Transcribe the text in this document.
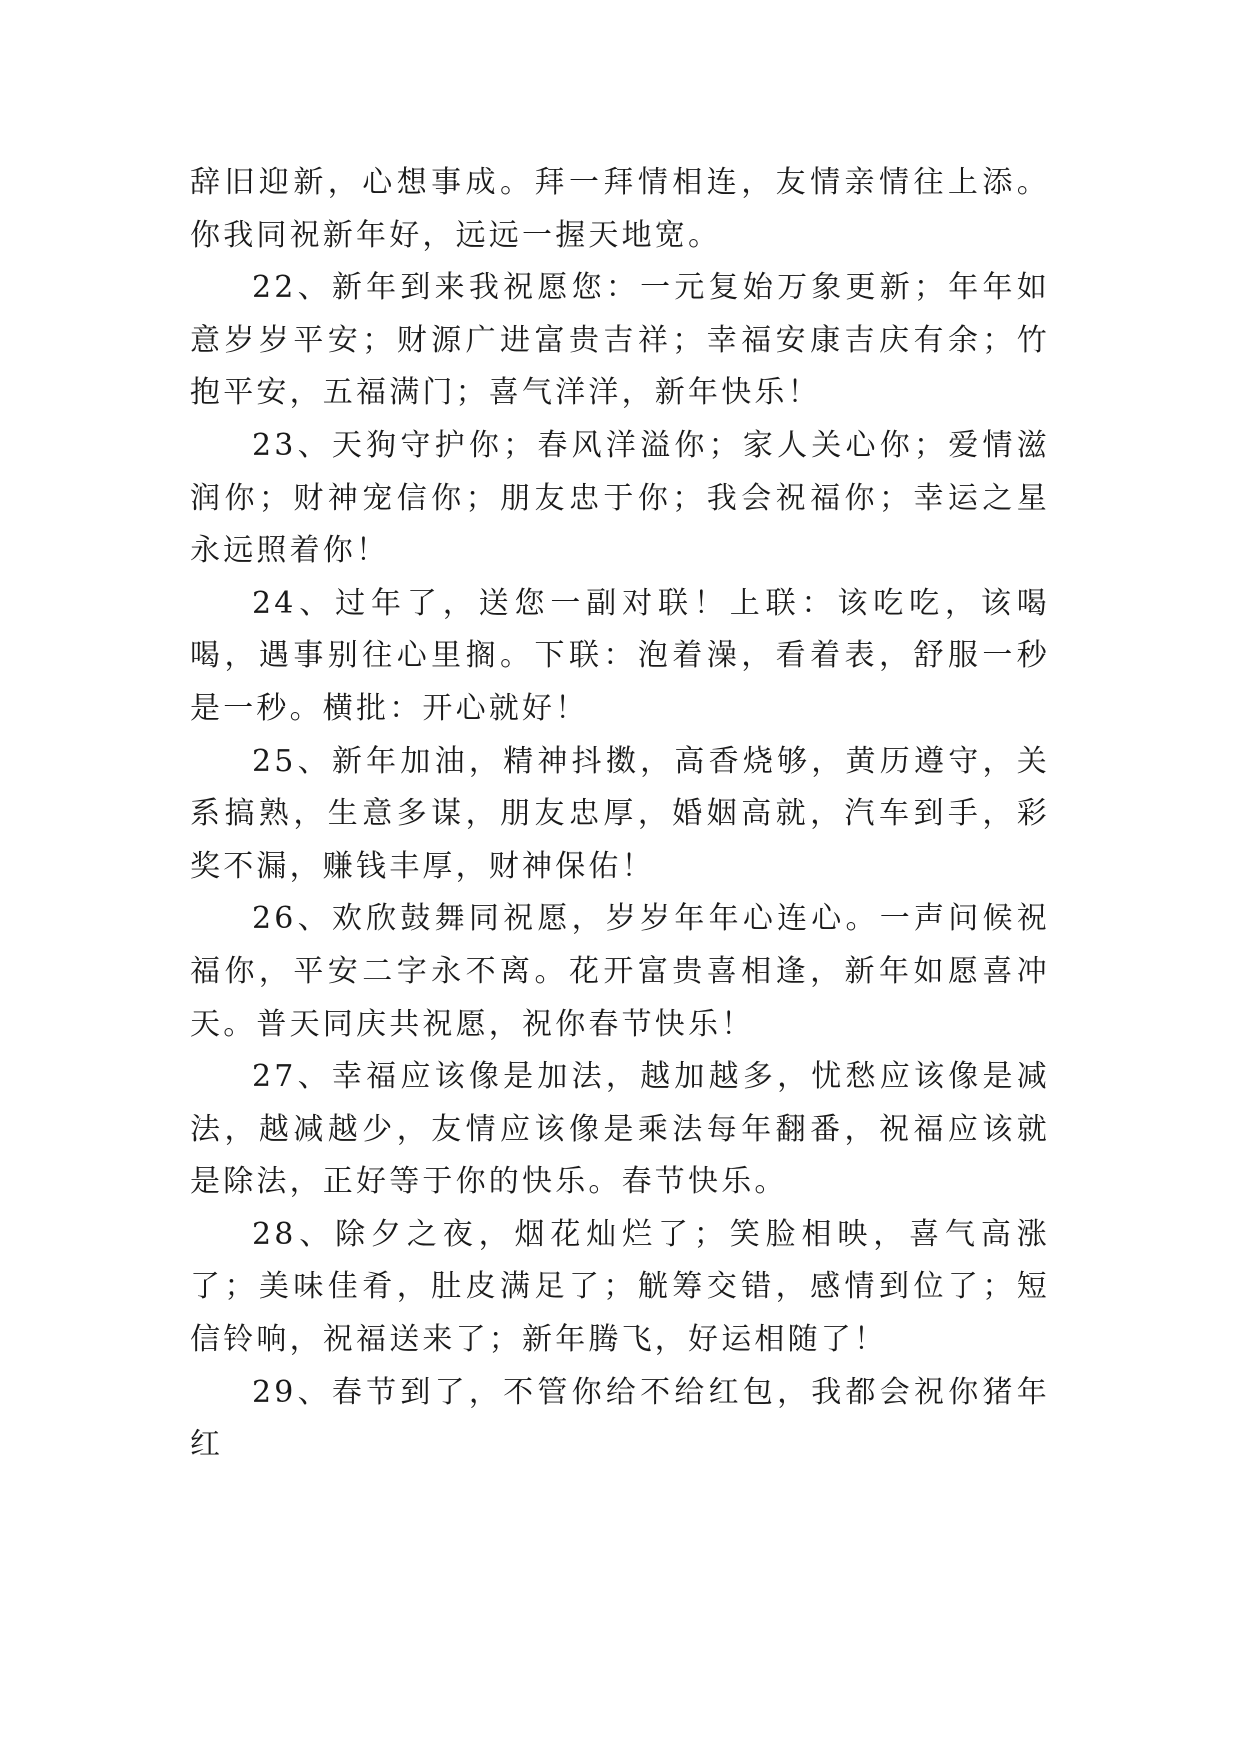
辞旧迎新，心想事成。拜一拜情相连，友情亲情往上添。你我同祝新年好，远远一握天地宽。

22、新年到来我祝愿您：一元复始万象更新；年年如意岁岁平安；财源广进富贵吉祥；幸福安康吉庆有余；竹抱平安，五福满门；喜气洋洋，新年快乐！

23、天狗守护你；春风洋溢你；家人关心你；爱情滋润你；财神宠信你；朋友忠于你；我会祝福你；幸运之星永远照着你！

24、过年了，送您一副对联！上联：该吃吃，该喝喝，遇事别往心里搁。下联：泡着澡，看着表，舒服一秒是一秒。横批：开心就好！

25、新年加油，精神抖擞，高香烧够，黄历遵守，关系搞熟，生意多谋，朋友忠厚，婚姻高就，汽车到手，彩奖不漏，赚钱丰厚，财神保佑！

26、欢欣鼓舞同祝愿，岁岁年年心连心。一声问候祝福你，平安二字永不离。花开富贵喜相逢，新年如愿喜冲天。普天同庆共祝愿，祝你春节快乐！

27、幸福应该像是加法，越加越多，忧愁应该像是减法，越减越少，友情应该像是乘法每年翻番，祝福应该就是除法，正好等于你的快乐。春节快乐。

28、除夕之夜，烟花灿烂了；笑脸相映，喜气高涨了；美味佳肴，肚皮满足了；觥筹交错，感情到位了；短信铃响，祝福送来了；新年腾飞，好运相随了！

29、春节到了，不管你给不给红包，我都会祝你猪年红
